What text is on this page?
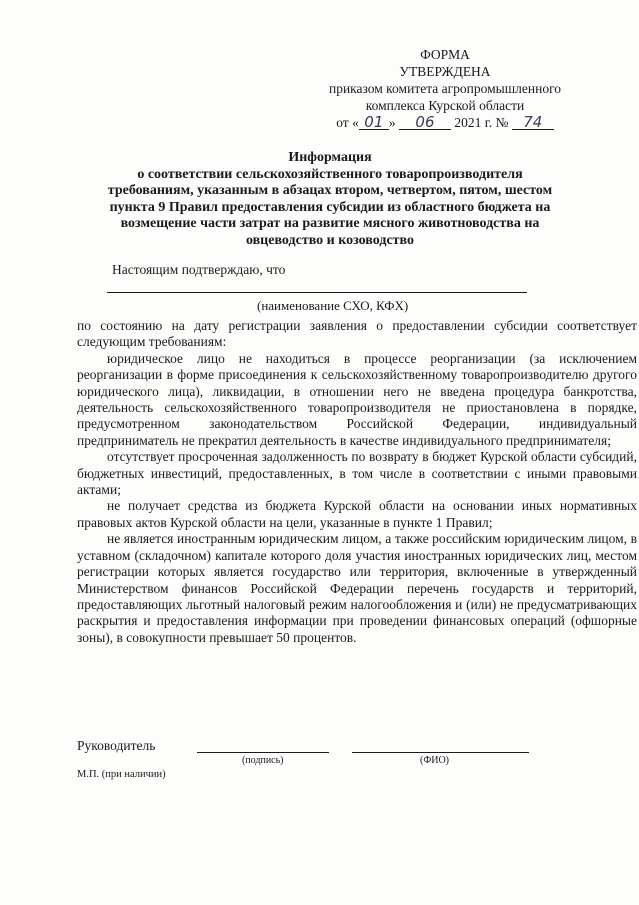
ФОРМА
УТВЕРЖДЕНА
приказом комитета агропромышленного
комплекса Курской области
от « 01 » 06 2021 г. № 74
Информация
о соответствии сельскохозяйственного товаропроизводителя
требованиям, указанным в абзацах втором, четвертом, пятом, шестом
пункта 9 Правил предоставления субсидии из областного бюджета на
возмещение части затрат на развитие мясного животноводства на
овцеводство и козоводство
Настоящим подтверждаю, что
(наименование СХО, КФХ)

по состоянию на дату регистрации заявления о предоставлении субсидии соответствует следующим требованиям:

юридическое лицо не находиться в процессе реорганизации (за исключением реорганизации в форме присоединения к сельскохозяйственному товаропроизводителю другого юридического лица), ликвидации, в отношении него не введена процедура банкротства, деятельность сельскохозяйственного товаропроизводителя не приостановлена в порядке, предусмотренном законодательством Российской Федерации, индивидуальный предприниматель не прекратил деятельность в качестве индивидуального предпринимателя;

отсутствует просроченная задолженность по возврату в бюджет Курской области субсидий, бюджетных инвестиций, предоставленных, в том числе в соответствии с иными правовыми актами;

не получает средства из бюджета Курской области на основании иных нормативных правовых актов Курской области на цели, указанные в пункте 1 Правил;

не является иностранным юридическим лицом, а также российским юридическим лицом, в уставном (складочном) капитале которого доля участия иностранных юридических лиц, местом регистрации которых является государство или территория, включенные в утвержденный Министерством финансов Российской Федерации перечень государств и территорий, предоставляющих льготный налоговый режим налогообложения и (или) не предусматривающих раскрытия и предоставления информации при проведении финансовых операций (офшорные зоны), в совокупности превышает 50 процентов.

Руководитель
(подпись)	(ФИО)
М.П. (при наличии)
